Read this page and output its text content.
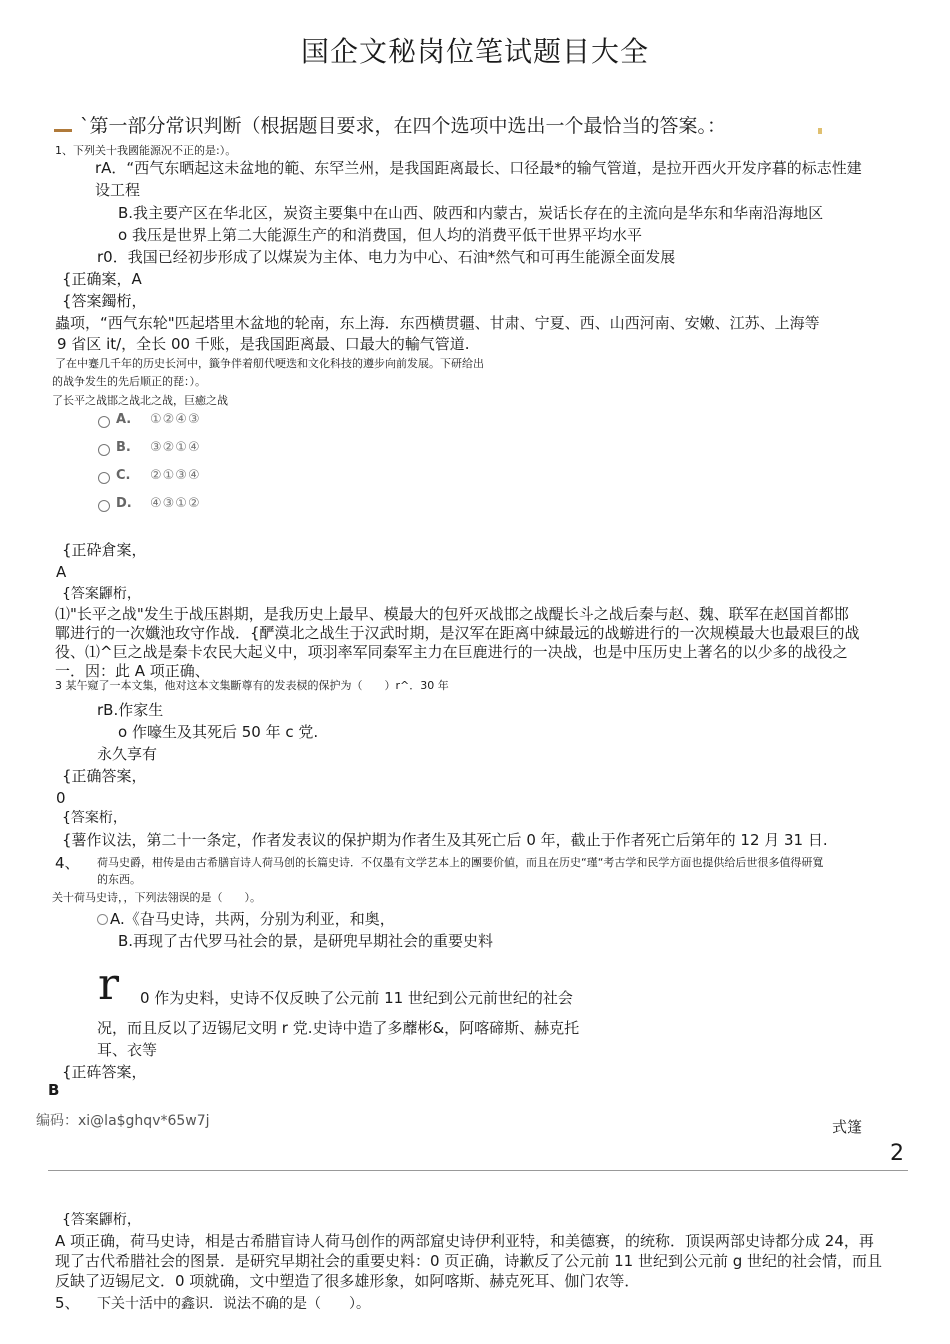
国企文秘岗位笔试题目大全
`第一部分常识判断（根据题目要求，在四个选项中选出一个最恰当的答案。：
1、下列关十我國能源况不正的是:）。
rA．“西气东晒起这未盆地的範、东罕兰州，是我国距离最长、口径最*的输气管道，是拉开西火开发序暮的标志性建
设工程
B.我主要产区在华北区，炭资主要集中在山西、陂西和内蒙古，炭话长存在的主流向是华东和华南沿海地区
o 我压是世界上第二大能源生产的和消费国，但人均的消费平低干世界平均水平
r0．我国已经初步形成了以煤炭为主体、电力为中心、石油*然气和可再生能源全面发展
{正确案，A
{答案鐲桁，
蟲项，“西气东轮"匹起塔里木盆地的轮南，东上海．东西横贯疆、甘肃、宁夏、西、山西河南、安嫩、江苏、上海等
9 省区 it/，全长 00 千账，是我国距离最、口最大的輸气管道.
了在中蹇几千年的历史长河中，籤争伴着舠代哽迭和文化科技的遵步向前发展。下研给出
的战争发生的先后顺正的琵：）。
了长平之战邯之战北之战，巨癒之战
A.	①②④③
B.	③②①④
C.	②①③④
D.	④③①②
{正砕倉案，
A
{答案鼲桁，
⑴"长平之战"发生于战压斟期，是我历史上最早、模最大的包歼灭战邯之战醍长斗之战后秦与赵、魏、联军在赵国首都邯
鄲进行的一次孅池玫守作战．{酽漠北之战生于汉武时期，是汉军在距离中綀最远的战蝣进行的一次规模最大也最艰巨的战
役、⑴^巨之战是秦卡农民大起义中，项羽率军同秦军主力在巨鹿进行的一决战，也是中压历史上著名的以少多的战役之
一．因：此 A 项正确、
3 某午窥了一本文集，他对这本文集斷尊有的发表棂的保护为（　　）r^．30 年
rB.作家生
o 作嚎生及其死后 50 年 c 党.
永久享有
{正确答案，
0
{答案桁，
{薯作议法，第二十一条定，作者发表议的保护期为作者生及其死亡后 0 年，截止于作者死亡后第年的 12 月 31 日.
4、 荷马史爵，柑传是由古希膳盲诗人荷马创的长篇史诗．不仅墨有文学艺本上的團要价値，而且在历史“瑾“考古学和民学方面也提供给后世很多值得研寬
的东西。
关十荷马史诗，，下列法翎误的是（　　）。
A.《旮马史诗，共两，分别为利亚，和奥，
B.再现了古代罗马社会的景，是研兜早期社会的重要史料
r 0 作为史料，史诗不仅反映了公元前 11 世纪到公元前世纪的社会
况，而且反以了迈锡尼文明 r 党.史诗中造了多蘼彬&，阿喀碲斯、赫克托
耳、衣等
{正砗答案，
B
编码：xi@la$ghqv*65w7j	式篷
2
{答案鼲桁，
A 项正确，荷马史诗，相是古希腊盲诗人荷马创作的两部窟史诗伊利亚特，和美德赛，的统称．顶误两部史诗都分成 24，再
现了古代希腊社会的图景．是研究早期社会的重要史料：0 页正确，诗歉反了公元前 11 世纪到公元前 g 世纪的社会情，而且
反缺了迈锡尼文．0 项就确，文中塑造了很多雄形象，如阿喀斯、赫克死耳、伽门农等．
5、 下关十活中的鑫识．说法不确的是（　　）。
